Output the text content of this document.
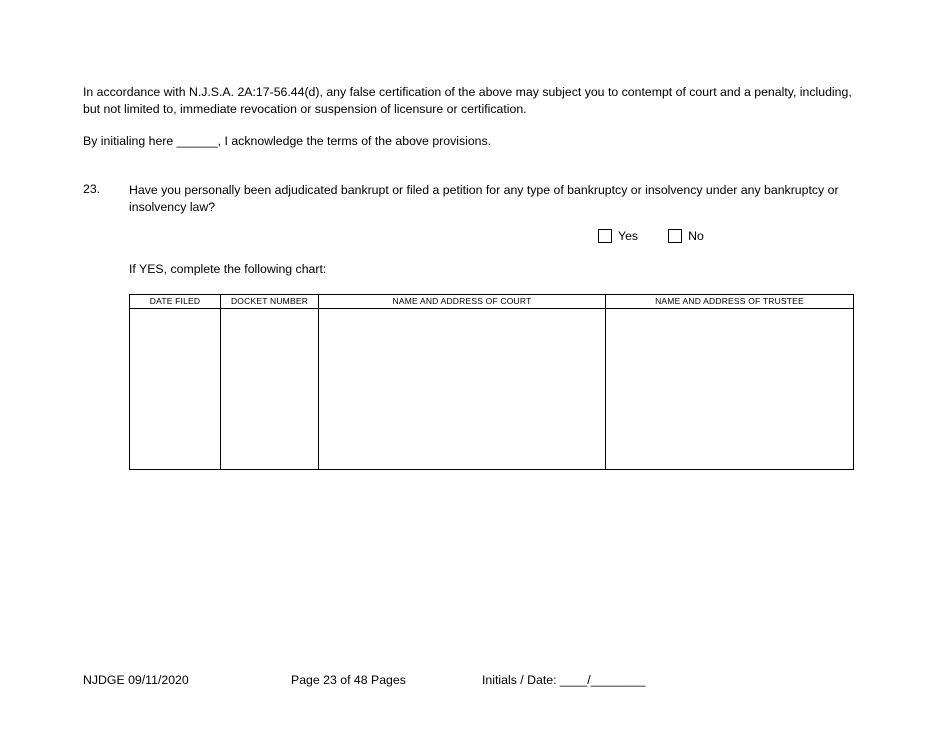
In accordance with N.J.S.A. 2A:17-56.44(d), any false certification of the above may subject you to contempt of court and a penalty, including,
but not limited to, immediate revocation or suspension of licensure or certification.
By initialing here ______, I acknowledge the terms of the above provisions.
23. Have you personally been adjudicated bankrupt or filed a petition for any type of bankruptcy or insolvency under any bankruptcy or
insolvency law?
Yes	No
If YES, complete the following chart:
DATE FILED	DOCKET NUMBER	NAME AND ADDRESS OF COURT	NAME AND ADDRESS OF TRUSTEE

NJDGE 09/11/2020	Page 23 of 48 Pages	Initials / Date: ____/________
